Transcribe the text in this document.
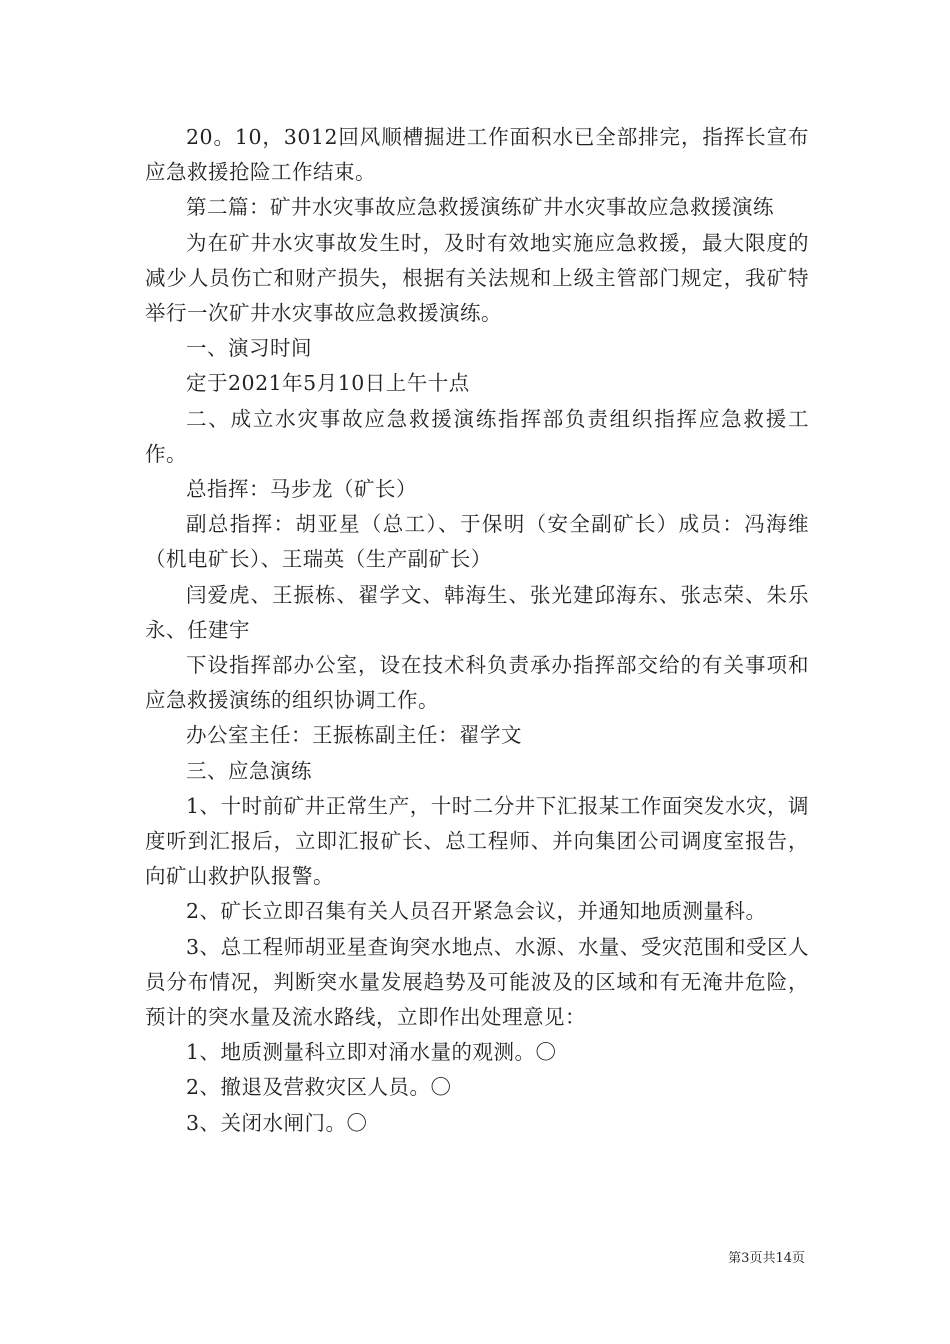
20。10，3012回风顺槽掘进工作面积水已全部排完，指挥长宣布应急救援抢险工作结束。

第二篇：矿井水灾事故应急救援演练矿井水灾事故应急救援演练

为在矿井水灾事故发生时，及时有效地实施应急救援，最大限度的减少人员伤亡和财产损失，根据有关法规和上级主管部门规定，我矿特举行一次矿井水灾事故应急救援演练。

一、演习时间

定于2021年5月10日上午十点

二、成立水灾事故应急救援演练指挥部负责组织指挥应急救援工作。

总指挥：马步龙（矿长）

副总指挥：胡亚星（总工）、于保明（安全副矿长）成员：冯海维（机电矿长）、王瑞英（生产副矿长）

闫爱虎、王振栋、翟学文、韩海生、张光建邱海东、张志荣、朱乐永、任建宇

下设指挥部办公室，设在技术科负责承办指挥部交给的有关事项和应急救援演练的组织协调工作。

办公室主任：王振栋副主任：翟学文

三、应急演练

1、十时前矿井正常生产，十时二分井下汇报某工作面突发水灾，调度听到汇报后，立即汇报矿长、总工程师、并向集团公司调度室报告，向矿山救护队报警。

2、矿长立即召集有关人员召开紧急会议，并通知地质测量科。

3、总工程师胡亚星查询突水地点、水源、水量、受灾范围和受区人员分布情况，判断突水量发展趋势及可能波及的区域和有无淹井危险，预计的突水量及流水路线，立即作出处理意见：

1、地质测量科立即对涌水量的观测。〇

2、撤退及营救灾区人员。〇

3、关闭水闸门。〇

第3页共14页
